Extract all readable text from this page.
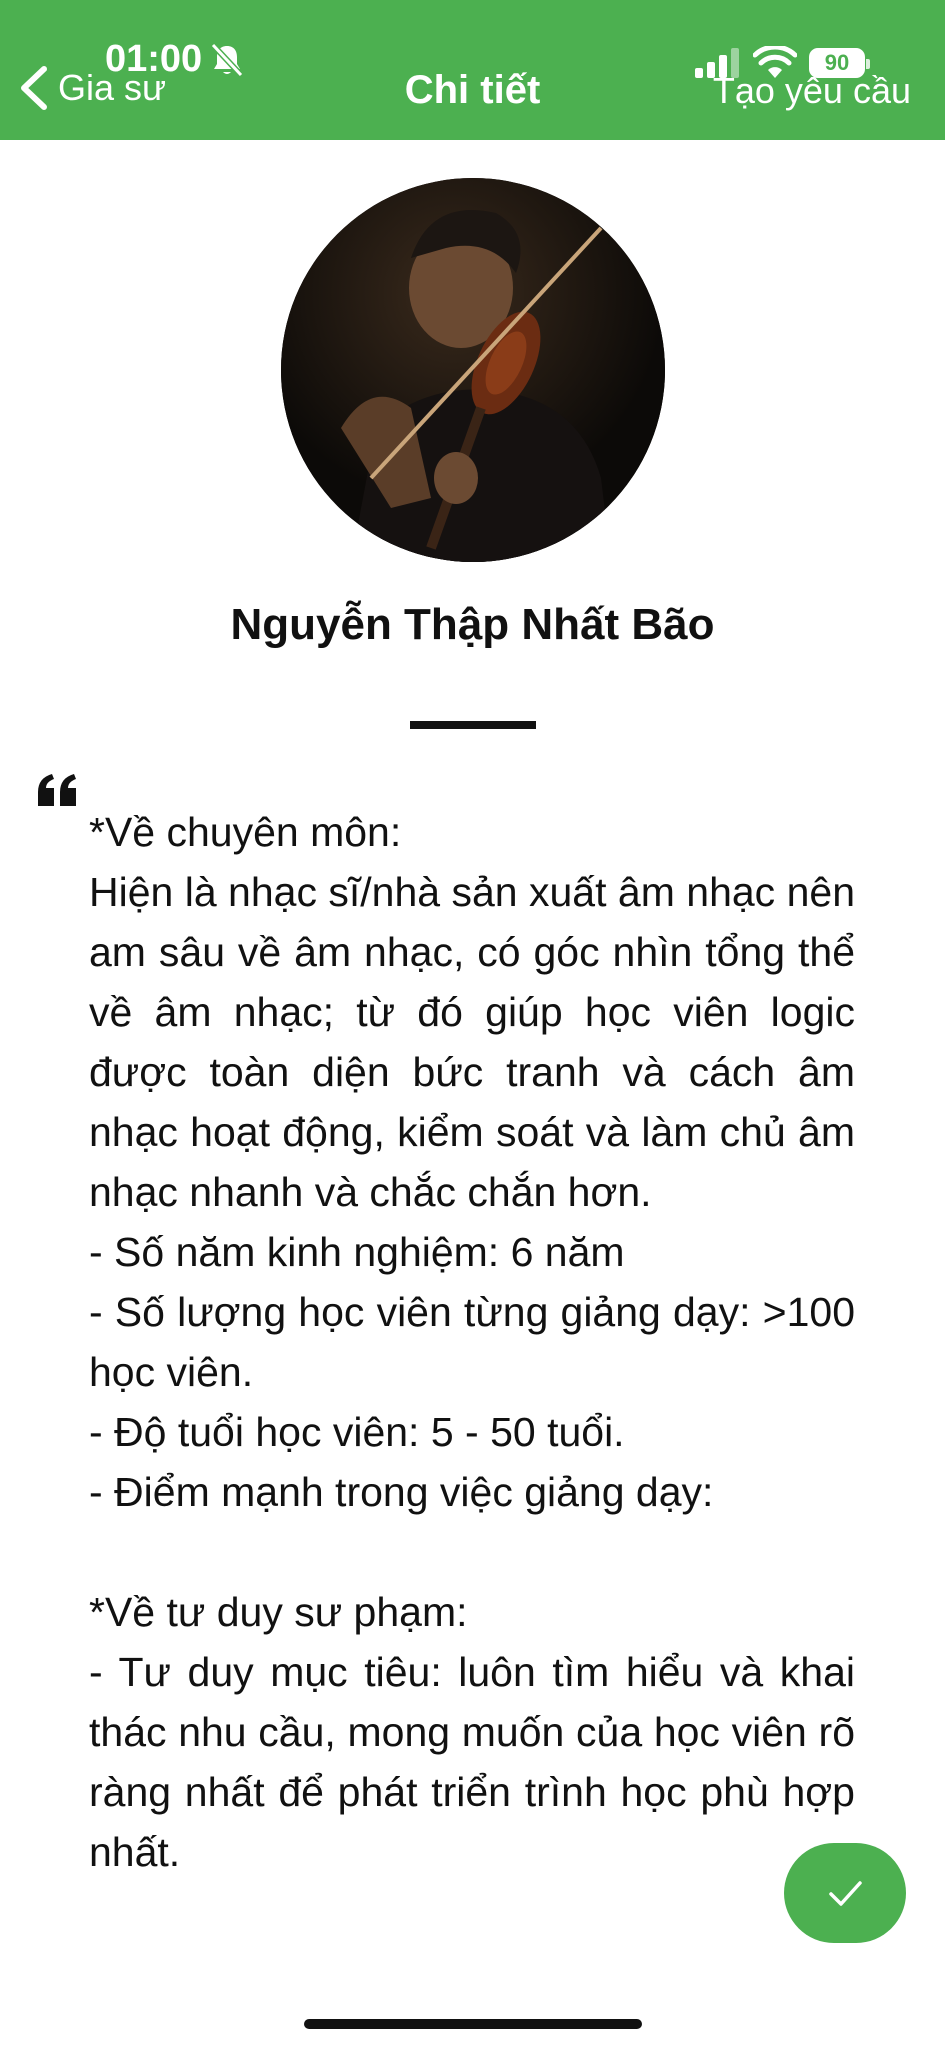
Gia sư
01:00
Chi tiết
90
Tạo yêu cầu
Nguyễn Thập Nhất Bão

*Về chuyên môn:

Hiện là nhạc sĩ/nhà sản xuất âm nhạc nên am sâu về âm nhạc, có góc nhìn tổng thể về âm nhạc; từ đó giúp học viên logic được toàn diện bức tranh và cách âm nhạc hoạt động, kiểm soát và làm chủ âm nhạc nhanh và chắc chắn hơn.

- Số năm kinh nghiệm: 6 năm

- Số lượng học viên từng giảng dạy: >100 học viên.

- Độ tuổi học viên: 5 - 50 tuổi.

- Điểm mạnh trong việc giảng dạy:

*Về tư duy sư phạm:

- Tư duy mục tiêu: luôn tìm hiểu và khai thác nhu cầu, mong muốn của học viên rõ ràng nhất để phát triển trình học phù hợp nhất.
